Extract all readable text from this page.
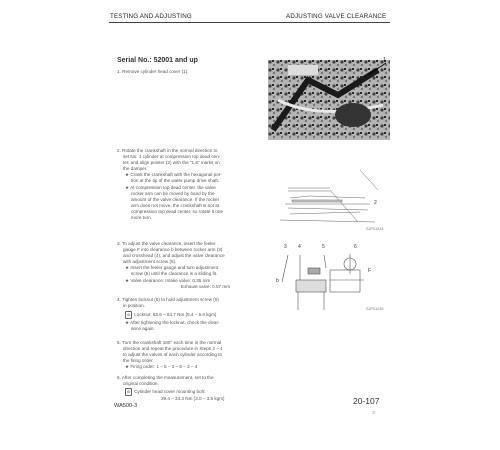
TESTING AND ADJUSTING	ADJUSTING VALVE CLEARANCE
Serial No.: 52001 and up
1. Remove cylinder head cover (1).
1
2. Rotate the crankshaft in the normal direction to
set No. 1 cylinder at compression top dead cen-
ter, and align pointer (2) with the "1.6" marks on
the damper.
★ Crank the crankshaft with the hexagonal por-
tion at the tip of the water pump drive shaft.
★ At compression top dead center, the valve
rocker arm can be moved by hand by the
amount of the valve clearance. If the rocker
arm does not move, the crankshaft is not at
compression top dead center, so rotate it one
more turn.
2
SJP01234
3. To adjust the valve clearance, insert the feeler
gauge F into clearance b between rocker arm (3)
and crosshead (4), and adjust the valve clearance
with adjustment screw (5).
★ Insert the feeler gauge and turn adjustment
screw (5) until the clearance is a sliding fit.
★ Valve clearance: Intake valve: 0.35 mm
Exhaust valve: 0.57 mm
3 4	5	6
b
F
SJP01235
4. Tighten locknut (6) to hold adjustment screw (5)
in position.
⚙ Locknut: 53.6 – 64.7 Nm {5.4 – 6.6 kgm}
★ After tightening the locknut, check the clear-
ance again.
5. Turn the crankshaft 180° each time in the normal
direction and repeat the procedure in Steps 2 – 4
to adjust the valves of each cylinder according to
the firing order.
★ Firing order: 1 – 5 – 3 – 6 – 2 – 4
6. After completing the measurement, set to the
original condition.
⚙ Cylinder head cover mounting bolt:
29.4 – 34.3 Nm {3.0 – 3.5 kgm}
WA500-3	20-107
⑦
